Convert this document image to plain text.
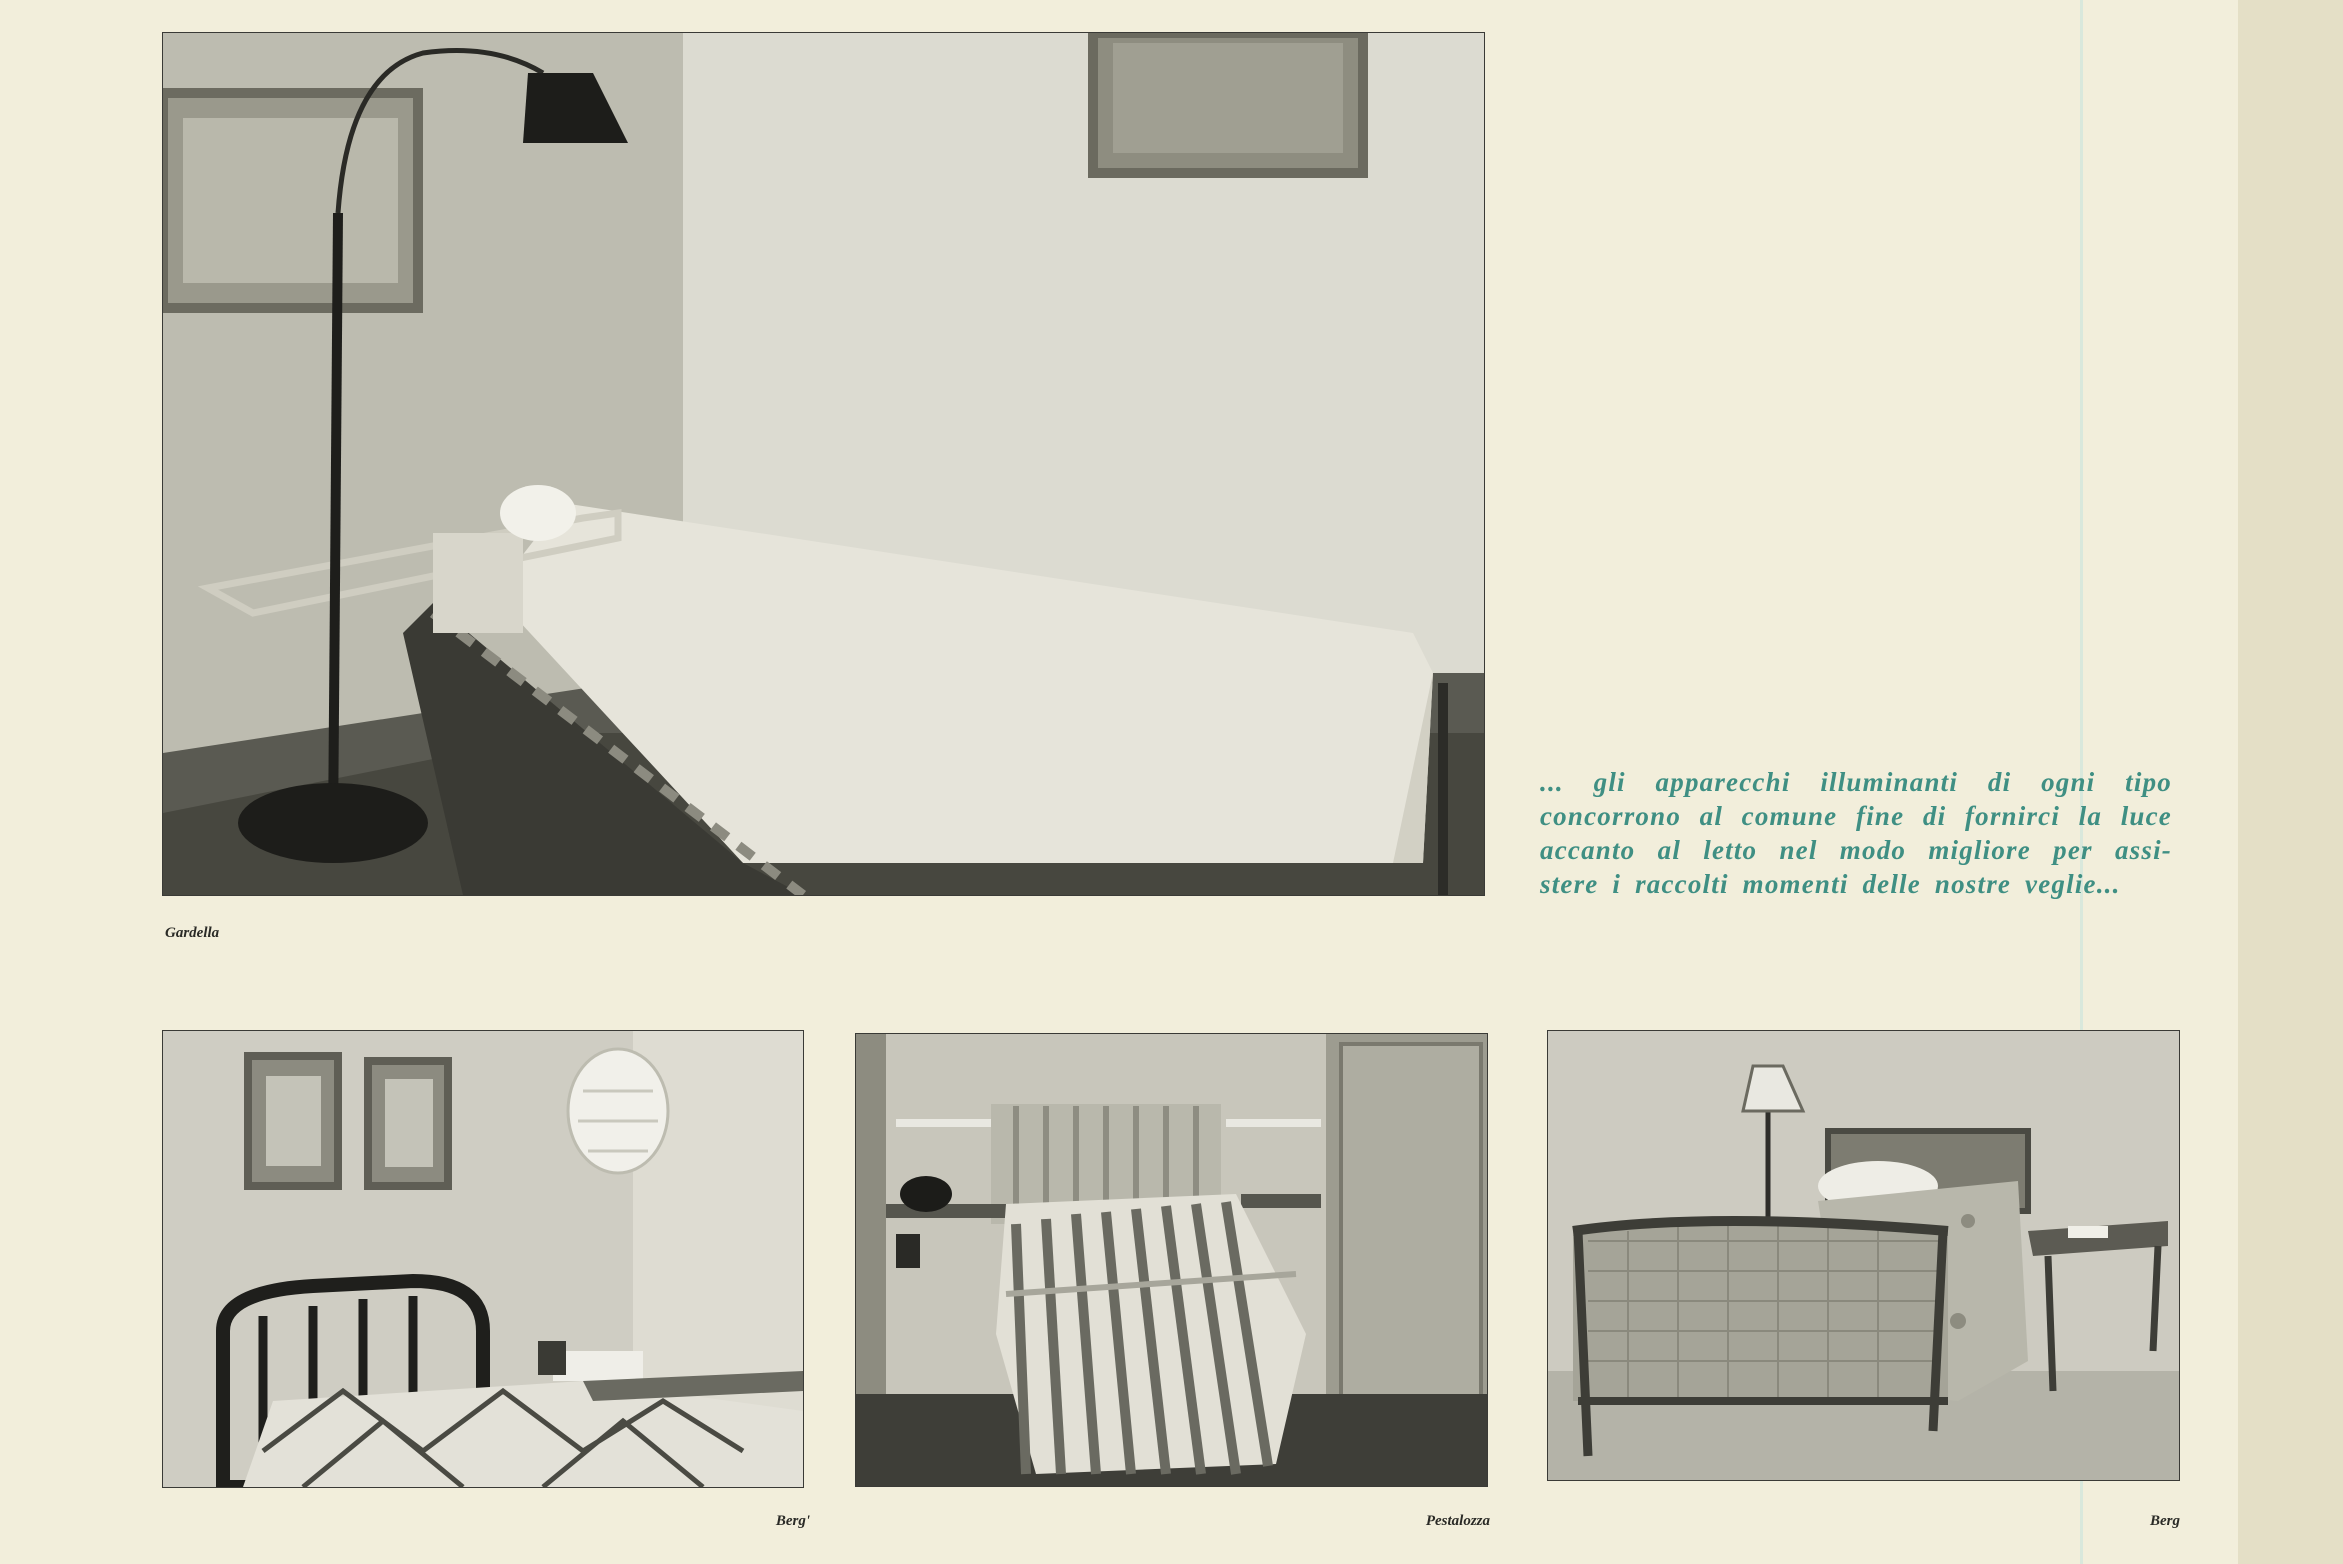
Gardella
... gli apparecchi illuminanti di ogni tipo concorrono al comune fine di fornirci la luce accanto al letto nel modo migliore per assi- stere i raccolti momenti delle nostre veglie...
Berg'	Pestalozza	Berg
